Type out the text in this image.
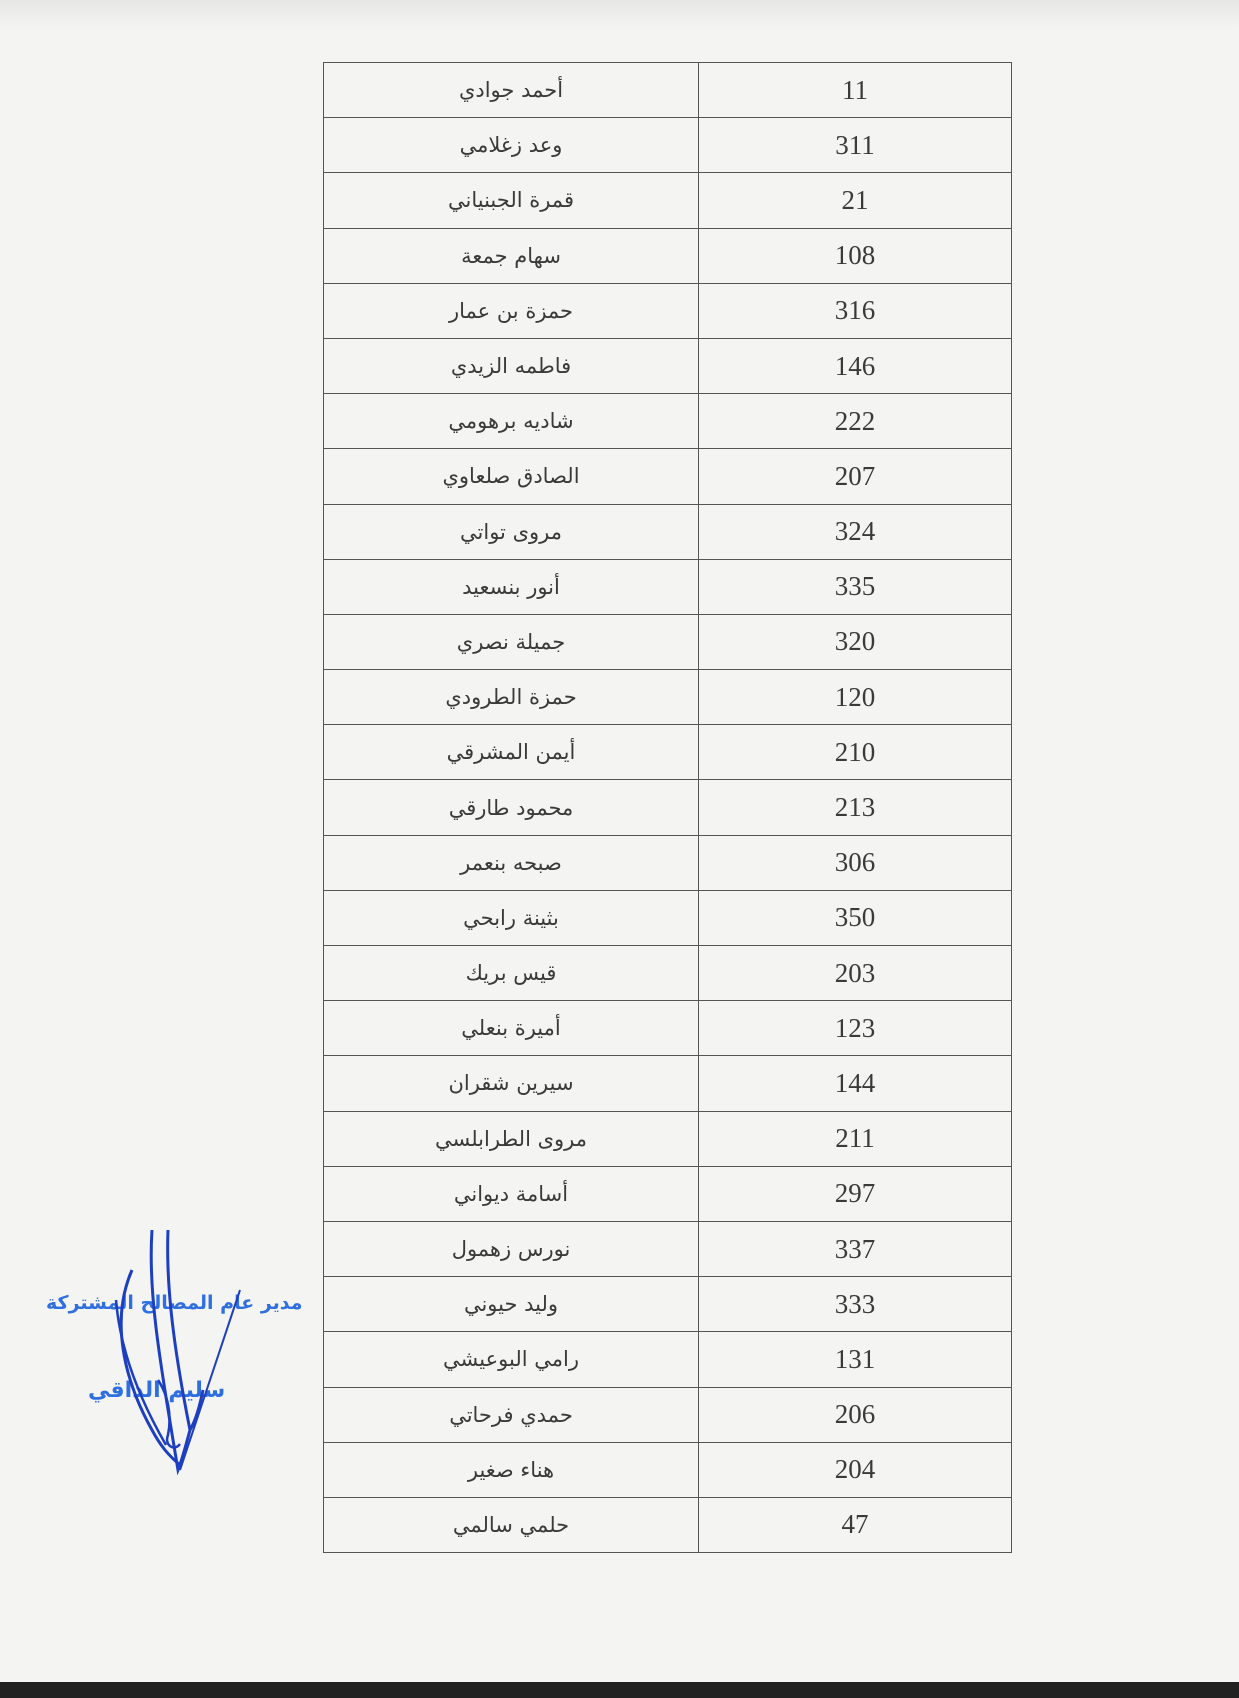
أحمد جوادي	11
وعد زغلامي	311
قمرة الجبنياني	21
سهام جمعة	108
حمزة بن عمار	316
فاطمه الزيدي	146
شاديه برهومي	222
الصادق صلعاوي	207
مروى تواتي	324
أنور بنسعيد	335
جميلة نصري	320
حمزة الطرودي	120
أيمن المشرقي	210
محمود طارقي	213
صبحه بنعمر	306
بثينة رابحي	350
قيس بريك	203
أميرة بنعلي	123
سيرين شقران	144
مروى الطرابلسي	211
أسامة ديواني	297
نورس زهمول	337
وليد حيوني	333
رامي البوعيشي	131
حمدي فرحاتي	206
هناء صغير	204
حلمي سالمي	47
مدير عام المصالح المشتركة
سليم الداقي
